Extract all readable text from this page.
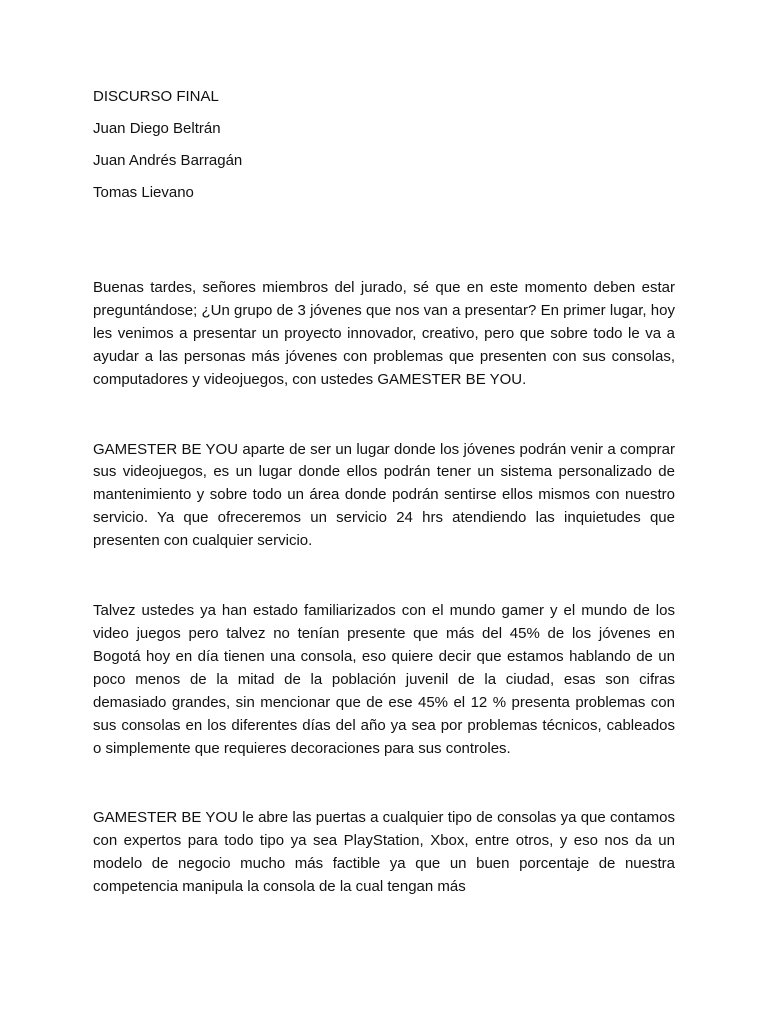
DISCURSO FINAL
Juan Diego Beltrán
Juan Andrés Barragán
Tomas Lievano

Buenas tardes, señores miembros del jurado, sé que en este momento deben estar preguntándose; ¿Un grupo de 3 jóvenes que nos van a presentar? En primer lugar, hoy les venimos a presentar un proyecto innovador, creativo, pero que sobre todo le va a ayudar a las personas más jóvenes con problemas que presenten con sus consolas, computadores y videojuegos, con ustedes GAMESTER BE YOU.

GAMESTER BE YOU aparte de ser un lugar donde los jóvenes podrán venir a comprar sus videojuegos, es un lugar donde ellos podrán tener un sistema personalizado de mantenimiento y sobre todo un área donde podrán sentirse ellos mismos con nuestro servicio. Ya que ofreceremos un servicio 24 hrs atendiendo las inquietudes que presenten con cualquier servicio.

Talvez ustedes ya han estado familiarizados con el mundo gamer y el mundo de los video juegos pero talvez no tenían presente que más del 45% de los jóvenes en Bogotá hoy en día tienen una consola, eso quiere decir que estamos hablando de un poco menos de la mitad de la población juvenil de la ciudad, esas son cifras demasiado grandes, sin mencionar que de ese 45% el 12 % presenta problemas con sus consolas en los diferentes días del año ya sea por problemas técnicos, cableados o simplemente que requieres decoraciones para sus controles.

GAMESTER BE YOU le abre las puertas a cualquier tipo de consolas ya que contamos con expertos para todo tipo ya sea PlayStation, Xbox, entre otros, y eso nos da un modelo de negocio mucho más factible ya que un buen porcentaje de nuestra competencia manipula la consola de la cual tengan más
